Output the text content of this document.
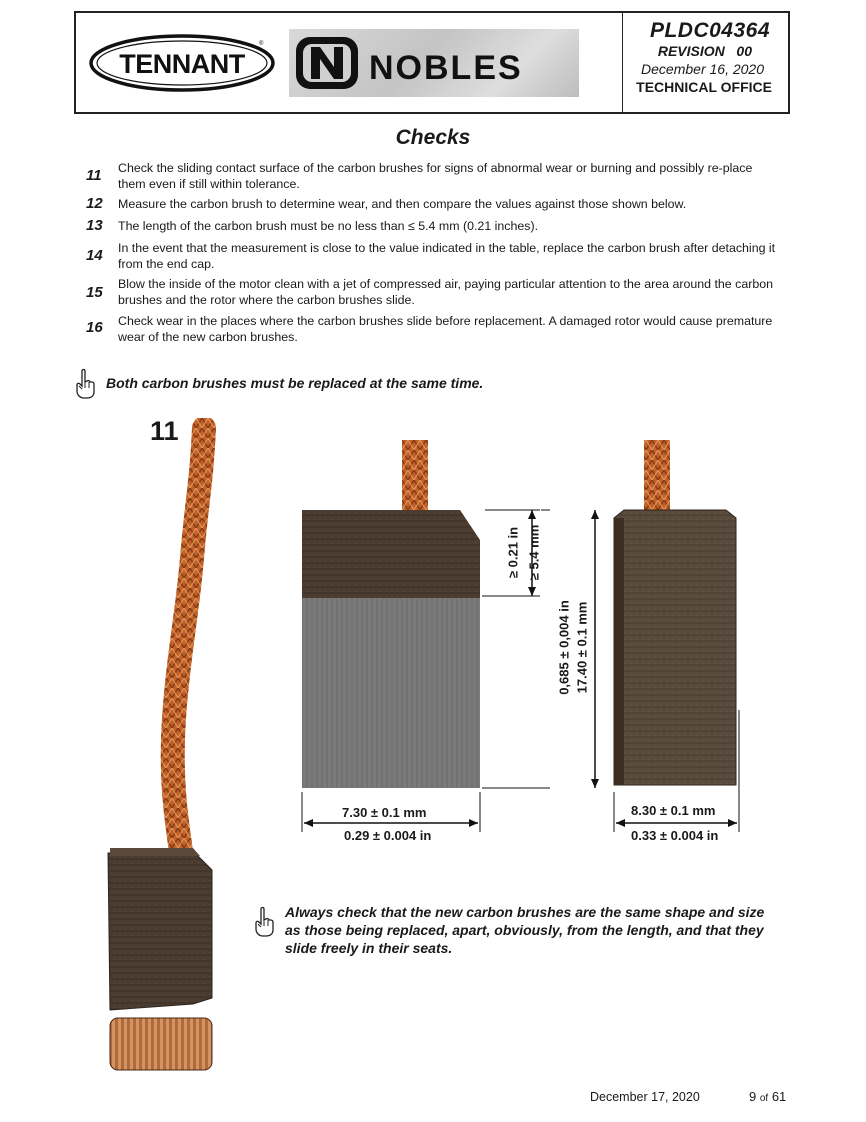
TENNANT
®
NOBLES
PLDC04364
REVISION   00
December 16, 2020
TECHNICAL OFFICE
Checks
11 Check the sliding contact surface of the carbon brushes for signs of abnormal wear or burning and possibly re-place them even if still within tolerance.
12 Measure the carbon brush to determine wear, and then compare the values against those shown below.
13 The length of the carbon brush must be no less than ≤ 5.4 mm (0.21 inches).
14 In the event that the measurement is close to the value indicated in the table, replace the carbon brush after detaching it from the end cap.
15 Blow the inside of the motor clean with a jet of compressed air, paying particular attention to the area around the carbon brushes and the rotor where the carbon brushes slide.
16 Check wear in the places where the carbon brushes slide before replacement. A damaged rotor would cause premature wear of the new carbon brushes.
Both carbon brushes must be replaced at the same time.
11
≥ 0.21 in ≥ 5.4 mm
0,685 ± 0,004 in 17.40 ± 0.1 mm
7.30 ± 0.1 mm
0.29 ± 0.004 in
8.30 ± 0.1 mm
0.33 ± 0.004 in
Always check that the new carbon brushes are the same shape and size as those being replaced, apart, obviously, from the length, and that they slide freely in their seats.
December 17, 2020	9 of 61
